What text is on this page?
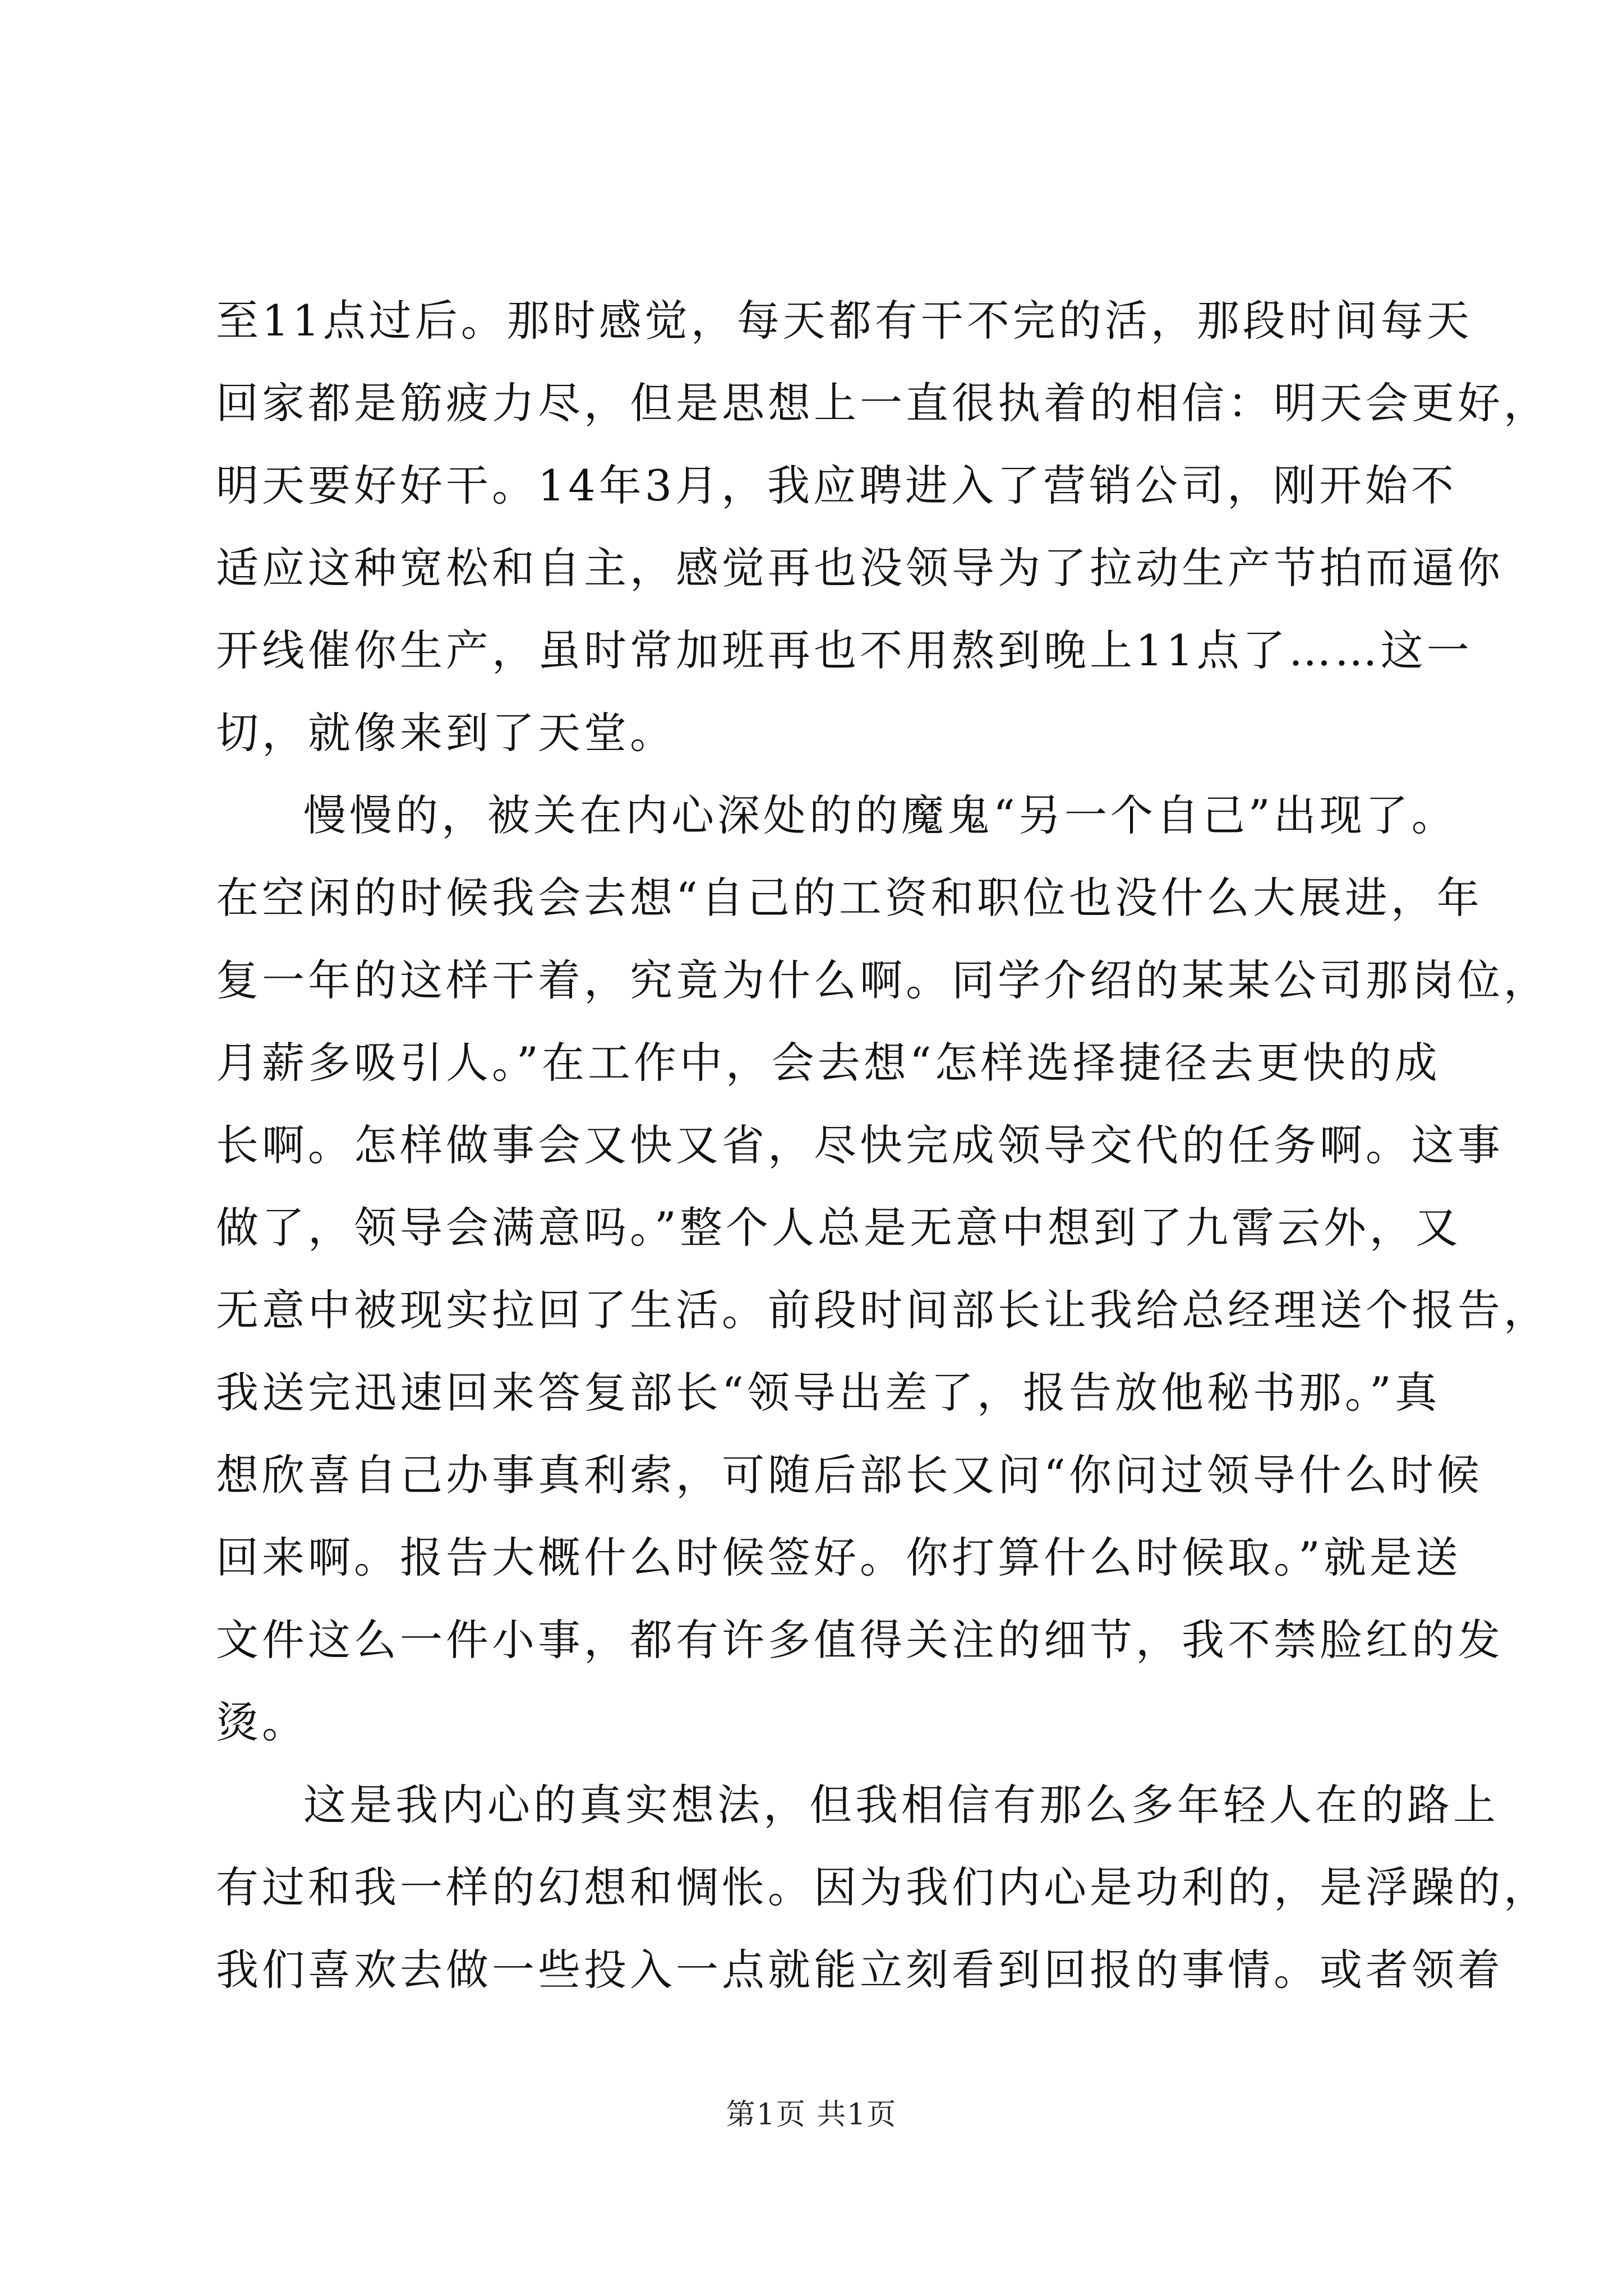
至11点过后。那时感觉，每天都有干不完的活，那段时间每天
回家都是筋疲力尽，但是思想上一直很执着的相信：明天会更好，
明天要好好干。14年3月，我应聘进入了营销公司，刚开始不
适应这种宽松和自主，感觉再也没领导为了拉动生产节拍而逼你
开线催你生产，虽时常加班再也不用熬到晚上11点了……这一
切，就像来到了天堂。
慢慢的，被关在内心深处的的魔鬼“另一个自己”出现了。
在空闲的时候我会去想“自己的工资和职位也没什么大展进，年
复一年的这样干着，究竟为什么啊。同学介绍的某某公司那岗位，
月薪多吸引人。”在工作中，会去想“怎样选择捷径去更快的成
长啊。怎样做事会又快又省，尽快完成领导交代的任务啊。这事
做了，领导会满意吗。”整个人总是无意中想到了九霄云外，又
无意中被现实拉回了生活。前段时间部长让我给总经理送个报告，
我送完迅速回来答复部长“领导出差了，报告放他秘书那。”真
想欣喜自己办事真利索，可随后部长又问“你问过领导什么时候
回来啊。报告大概什么时候签好。你打算什么时候取。”就是送
文件这么一件小事，都有许多值得关注的细节，我不禁脸红的发
烫。
这是我内心的真实想法，但我相信有那么多年轻人在的路上
有过和我一样的幻想和惆怅。因为我们内心是功利的，是浮躁的，
我们喜欢去做一些投入一点就能立刻看到回报的事情。或者领着
第1页 共1页
